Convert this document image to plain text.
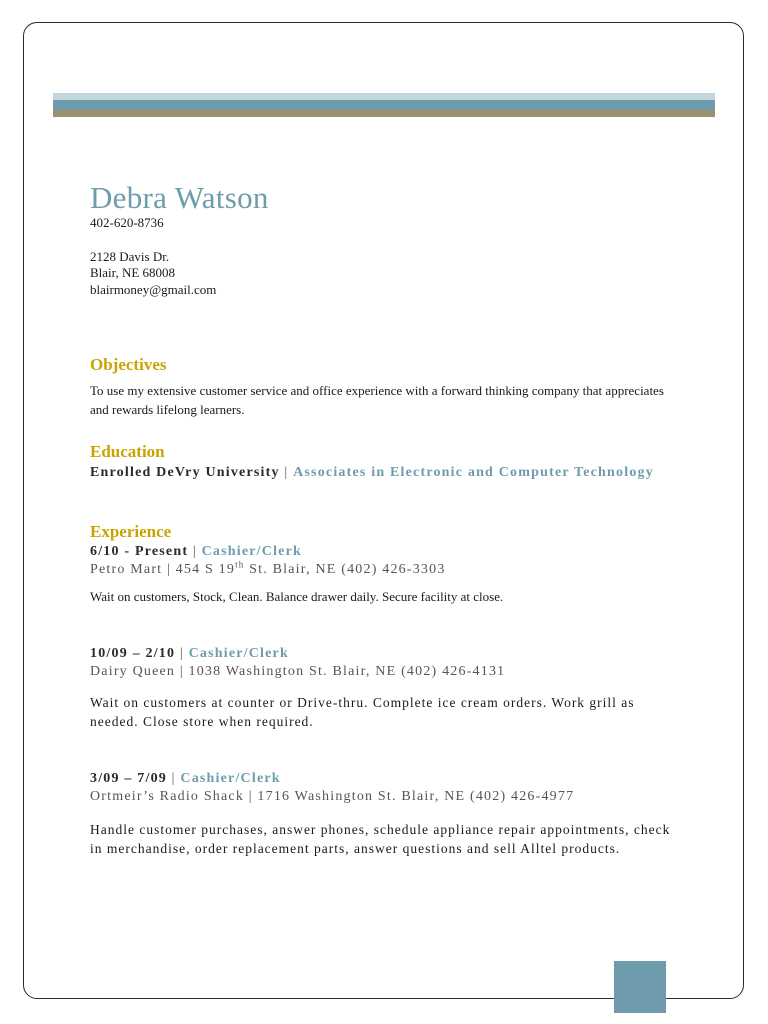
Debra Watson
402-620-8736
2128 Davis Dr.
Blair, NE 68008
blairmoney@gmail.com
Objectives
To use my extensive customer service and office experience with a forward thinking company that appreciates and rewards lifelong learners.
Education
Enrolled DeVry University | Associates in Electronic and Computer Technology
Experience
6/10 - Present | Cashier/Clerk
Petro Mart | 454 S 19th St. Blair, NE (402) 426-3303
Wait on customers, Stock, Clean. Balance drawer daily. Secure facility at close.
10/09 – 2/10 | Cashier/Clerk
Dairy Queen | 1038 Washington St. Blair, NE (402) 426-4131
Wait on customers at counter or Drive-thru. Complete ice cream orders. Work grill as needed. Close store when required.
3/09 – 7/09 | Cashier/Clerk
Ortmeir’s Radio Shack | 1716 Washington St. Blair, NE (402) 426-4977
Handle customer purchases, answer phones, schedule appliance repair appointments, check in merchandise, order replacement parts, answer questions and sell Alltel products.
